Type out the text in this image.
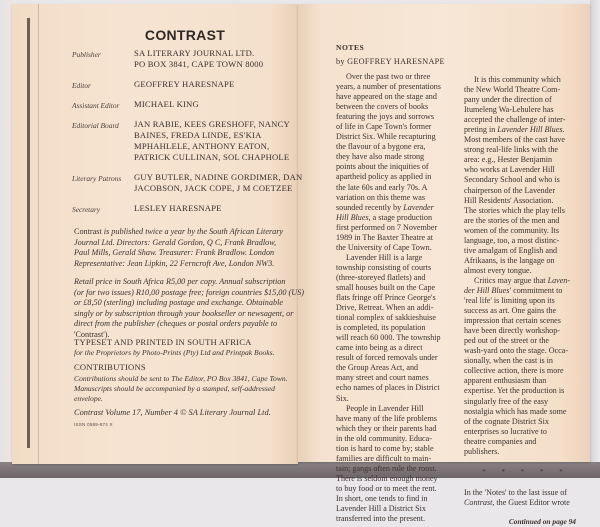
CONTRAST
Publisher	SA LITERARY JOURNAL LTD.
PO BOX 3841, CAPE TOWN 8000
Editor	GEOFFREY HARESNAPE
Assistant Editor	MICHAEL KING
Editorial Board	JAN RABIE, KEES GRESHOFF, NANCY
BAINES, FREDA LINDE, ES'KIA
MPHAHLELE, ANTHONY EATON,
PATRICK CULLINAN, SOL CHAPHOLE
Literary Patrons	GUY BUTLER, NADINE GORDIMER, DAN
JACOBSON, JACK COPE, J M COETZEE
Secretary	LESLEY HARESNAPE
Contrast is published twice a year by the South African Literary
Journal Ltd. Directors: Gerald Gordon, Q C, Frank Bradlow,
Paul Mills, Gerald Shaw. Treasurer: Frank Bradlow. London
Representative: Jean Lipkin, 22 Ferncroft Ave, London NW3.
Retail price in South Africa R5,00 per copy. Annual subscription
(or for two issues) R10,00 postage free; foreign countries $15,00 (US)
or £8,50 (sterling) including postage and exchange. Obtainable
singly or by subscription through your bookseller or newsagent, or
direct from the publisher (cheques or postal orders payable to
'Contrast').
TYPESET AND PRINTED IN SOUTH AFRICA
for the Proprietors by Photo-Prints (Pty) Ltd and Printpak Books.
CONTRIBUTIONS
Contributions should be sent to The Editor, PO Box 3841, Cape Town.
Manuscripts should be accompanied by a stamped, self-addressed
envelope.
Contrast Volume 17, Number 4 © SA Literary Journal Ltd.
ISSN 0589-874 X
NOTES
by GEOFFREY HARESNAPE
Over the past two or three
years, a number of presentations
have appeared on the stage and
between the covers of books
featuring the joys and sorrows
of life in Cape Town's former
District Six. While recapturing
the flavour of a bygone era,
they have also made strong
points about the iniquities of
apartheid policy as applied in
the late 60s and early 70s. A
variation on this theme was
sounded recently by Lavender
Hill Blues, a stage production
first performed on 7 November
1989 in The Baxter Theatre at
the University of Cape Town.
Lavender Hill is a large
township consisting of courts
(three-storeyed flatlets) and
small houses built on the Cape
flats fringe off Prince George's
Drive, Retreat. When an addi-
tional complex of sakkieshuise
is completed, its population
will reach 60 000. The township
came into being as a direct
result of forced removals under
the Group Areas Act, and
many street and court names
echo names of places in District
Six.
People in Lavender Hill
have many of the life problems
which they or their parents had
in the old community. Educa-
tion is hard to come by; stable
families are difficult to main-
tain; gangs often rule the roost.
There is seldom enough money
to buy food or to meet the rent.
In short, one tends to find in
Lavender Hill a District Six
transferred into the present.
It is this community which
the New World Theatre Com-
pany under the direction of
Itumeleng Wa-Lehulere has
accepted the challenge of inter-
preting in Lavender Hill Blues.
Most members of the cast have
strong real-life links with the
area: e.g., Hester Benjamin
who works at Lavender Hill
Secondary School and who is
chairperson of the Lavender
Hill Residents' Association.
The stories which the play tells
are the stories of the men and
women of the community. Its
language, too, a most distinc-
tive amalgam of English and
Afrikaans, is the langage on
almost every tongue.
Critics may argue that Laven-
der Hill Blues' commitment to
'real life' is limiting upon its
success as art. One gains the
impression that certain scenes
have been directly workshop-
ped out of the street or the
wash-yard onto the stage. Occa-
sionally, when the cast is in
collective action, there is more
apparent enthusiasm than
expertise. Yet the production is
singularly free of the easy
nostalgia which has made some
of the cognate District Six
enterprises so lucrative to
theatre companies and
publishers.
* * * * *
In the 'Notes' to the last issue of
Contrast, the Guest Editor wrote
Continued on page 94
